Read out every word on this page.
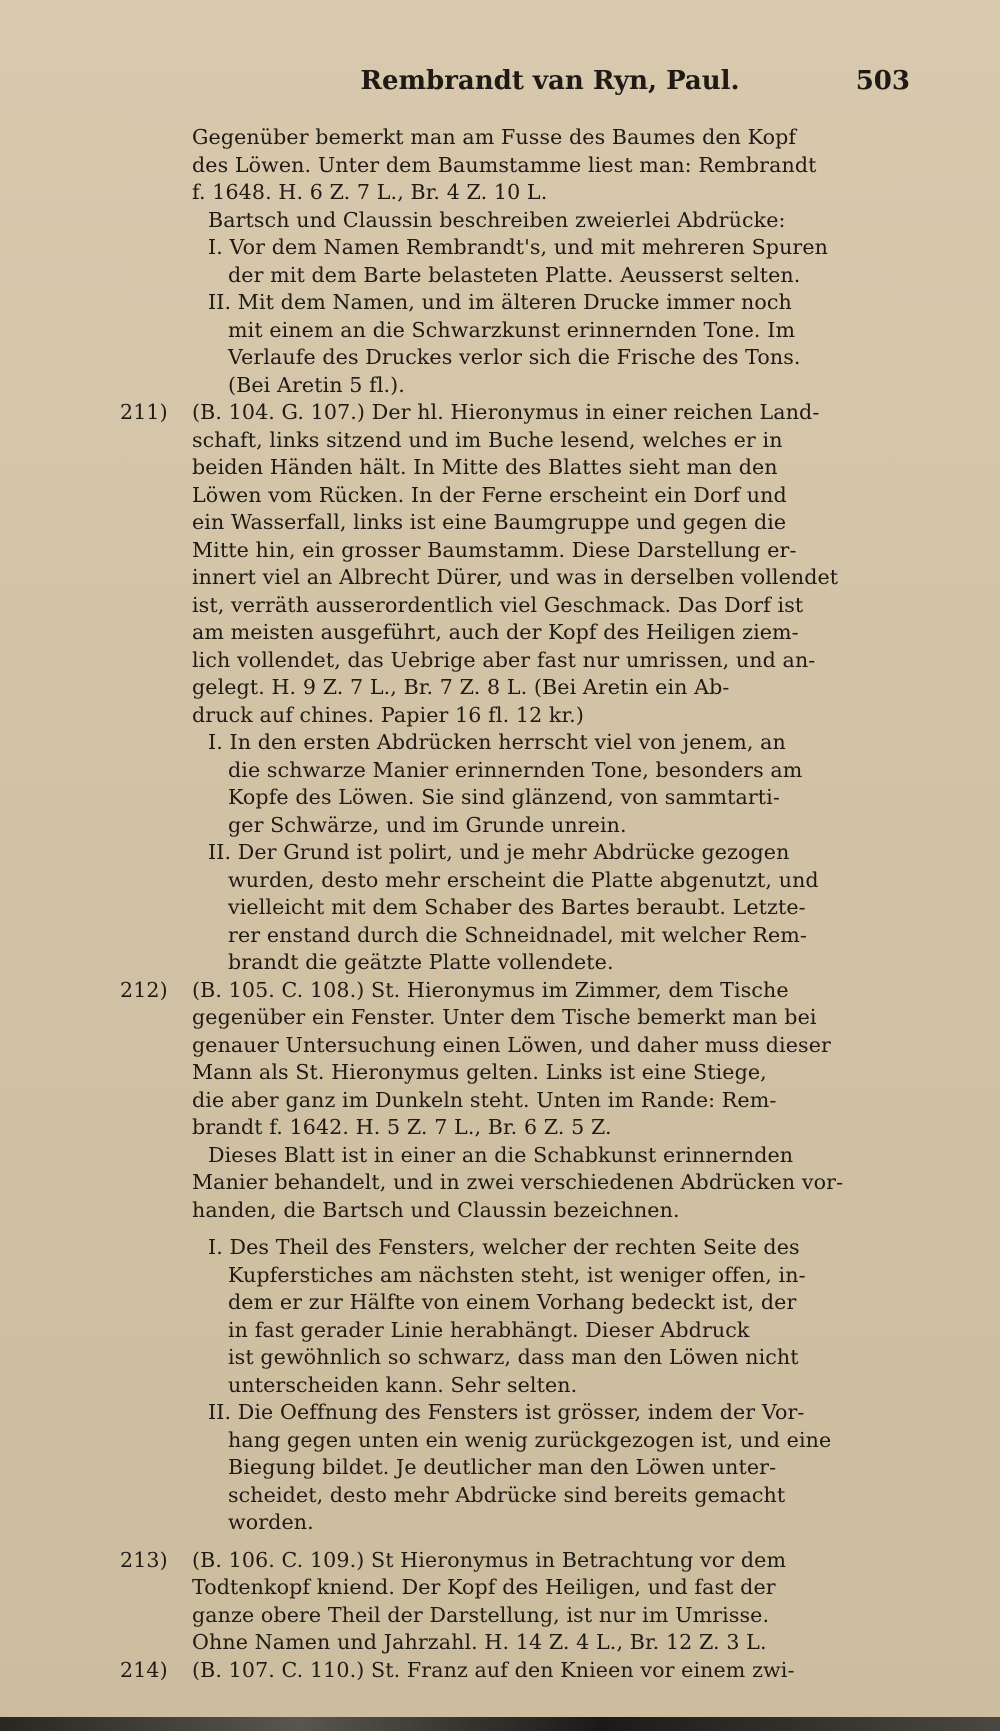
Rembrandt van Ryn, Paul.	503
Gegenüber bemerkt man am Fusse des Baumes den Kopf
des Löwen. Unter dem Baumstamme liest man: Rembrandt
f. 1648. H. 6 Z. 7 L., Br. 4 Z. 10 L.
Bartsch und Claussin beschreiben zweierlei Abdrücke:
I. Vor dem Namen Rembrandt's, und mit mehreren Spuren
der mit dem Barte belasteten Platte. Aeusserst selten.
II. Mit dem Namen, und im älteren Drucke immer noch
mit einem an die Schwarzkunst erinnernden Tone. Im
Verlaufe des Druckes verlor sich die Frische des Tons.
(Bei Aretin 5 fl.).
211) (B. 104. G. 107.) Der hl. Hieronymus in einer reichen Land-
schaft, links sitzend und im Buche lesend, welches er in
beiden Händen hält. In Mitte des Blattes sieht man den
Löwen vom Rücken. In der Ferne erscheint ein Dorf und
ein Wasserfall, links ist eine Baumgruppe und gegen die
Mitte hin, ein grosser Baumstamm. Diese Darstellung er-
innert viel an Albrecht Dürer, und was in derselben vollendet
ist, verräth ausserordentlich viel Geschmack. Das Dorf ist
am meisten ausgeführt, auch der Kopf des Heiligen ziem-
lich vollendet, das Uebrige aber fast nur umrissen, und an-
gelegt. H. 9 Z. 7 L., Br. 7 Z. 8 L. (Bei Aretin ein Ab-
druck auf chines. Papier 16 fl. 12 kr.)
I. In den ersten Abdrücken herrscht viel von jenem, an
die schwarze Manier erinnernden Tone, besonders am
Kopfe des Löwen. Sie sind glänzend, von sammtarti-
ger Schwärze, und im Grunde unrein.
II. Der Grund ist polirt, und je mehr Abdrücke gezogen
wurden, desto mehr erscheint die Platte abgenutzt, und
vielleicht mit dem Schaber des Bartes beraubt. Letzte-
rer enstand durch die Schneidnadel, mit welcher Rem-
brandt die geätzte Platte vollendete.
212) (B. 105. C. 108.) St. Hieronymus im Zimmer, dem Tische
gegenüber ein Fenster. Unter dem Tische bemerkt man bei
genauer Untersuchung einen Löwen, und daher muss dieser
Mann als St. Hieronymus gelten. Links ist eine Stiege,
die aber ganz im Dunkeln steht. Unten im Rande: Rem-
brandt f. 1642. H. 5 Z. 7 L., Br. 6 Z. 5 Z.
Dieses Blatt ist in einer an die Schabkunst erinnernden
Manier behandelt, und in zwei verschiedenen Abdrücken vor-
handen, die Bartsch und Claussin bezeichnen.
I. Des Theil des Fensters, welcher der rechten Seite des
Kupferstiches am nächsten steht, ist weniger offen, in-
dem er zur Hälfte von einem Vorhang bedeckt ist, der
in fast gerader Linie herabhängt. Dieser Abdruck
ist gewöhnlich so schwarz, dass man den Löwen nicht
unterscheiden kann. Sehr selten.
II. Die Oeffnung des Fensters ist grösser, indem der Vor-
hang gegen unten ein wenig zurückgezogen ist, und eine
Biegung bildet. Je deutlicher man den Löwen unter-
scheidet, desto mehr Abdrücke sind bereits gemacht
worden.
213) (B. 106. C. 109.) St Hieronymus in Betrachtung vor dem
Todtenkopf kniend. Der Kopf des Heiligen, und fast der
ganze obere Theil der Darstellung, ist nur im Umrisse.
Ohne Namen und Jahrzahl. H. 14 Z. 4 L., Br. 12 Z. 3 L.
214) (B. 107. C. 110.) St. Franz auf den Knieen vor einem zwi-
